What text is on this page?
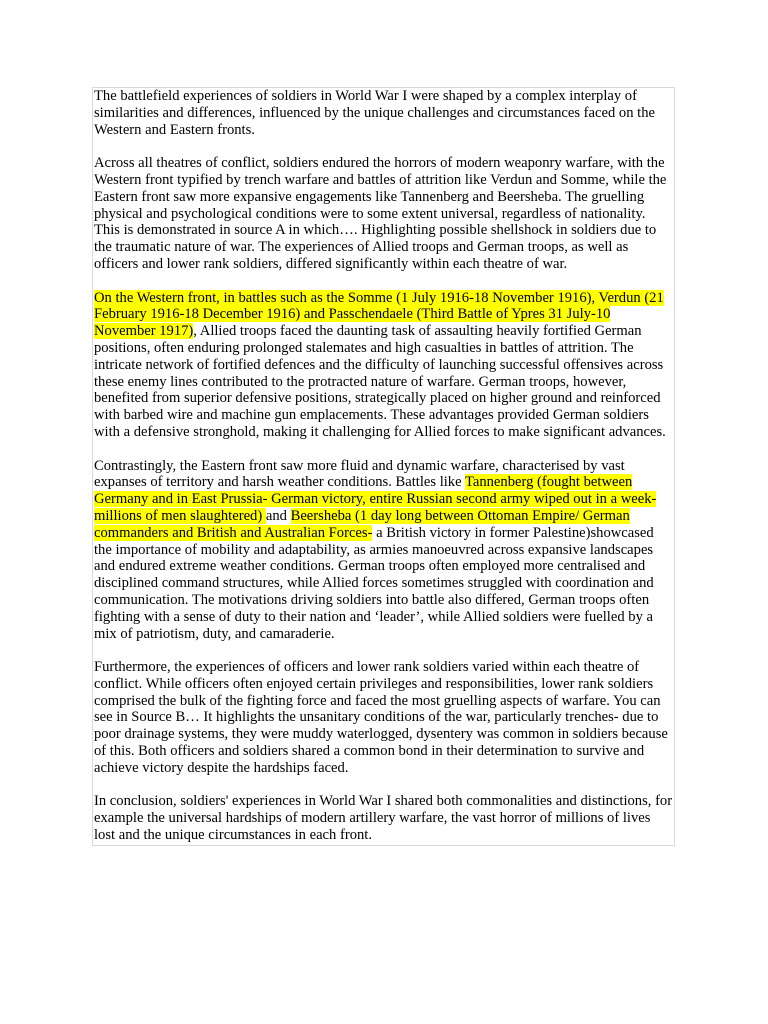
The battlefield experiences of soldiers in World War I were shaped by a complex interplay of similarities and differences, influenced by the unique challenges and circumstances faced on the Western and Eastern fronts.

Across all theatres of conflict, soldiers endured the horrors of modern weaponry warfare, with the Western front typified by trench warfare and battles of attrition like Verdun and Somme, while the Eastern front saw more expansive engagements like Tannenberg and Beersheba. The gruelling physical and psychological conditions were to some extent universal, regardless of nationality. This is demonstrated in source A in which…. Highlighting possible shellshock in soldiers due to the traumatic nature of war. The experiences of Allied troops and German troops, as well as officers and lower rank soldiers, differed significantly within each theatre of war.

On the Western front, in battles such as the Somme (1 July 1916-18 November 1916), Verdun (21 February 1916-18 December 1916) and Passchendaele (Third Battle of Ypres 31 July-10 November 1917), Allied troops faced the daunting task of assaulting heavily fortified German positions, often enduring prolonged stalemates and high casualties in battles of attrition. The intricate network of fortified defences and the difficulty of launching successful offensives across these enemy lines contributed to the protracted nature of warfare. German troops, however, benefited from superior defensive positions, strategically placed on higher ground and reinforced with barbed wire and machine gun emplacements. These advantages provided German soldiers with a defensive stronghold, making it challenging for Allied forces to make significant advances.

Contrastingly, the Eastern front saw more fluid and dynamic warfare, characterised by vast expanses of territory and harsh weather conditions. Battles like Tannenberg (fought between Germany and in East Prussia- German victory, entire Russian second army wiped out in a week- millions of men slaughtered) and Beersheba (1 day long between Ottoman Empire/ German commanders and British and Australian Forces- a British victory in former Palestine)showcased the importance of mobility and adaptability, as armies manoeuvred across expansive landscapes and endured extreme weather conditions. German troops often employed more centralised and disciplined command structures, while Allied forces sometimes struggled with coordination and communication. The motivations driving soldiers into battle also differed, German troops often fighting with a sense of duty to their nation and ‘leader’, while Allied soldiers were fuelled by a mix of patriotism, duty, and camaraderie.

Furthermore, the experiences of officers and lower rank soldiers varied within each theatre of conflict. While officers often enjoyed certain privileges and responsibilities, lower rank soldiers comprised the bulk of the fighting force and faced the most gruelling aspects of warfare. You can see in Source B… It highlights the unsanitary conditions of the war, particularly trenches- due to poor drainage systems, they were muddy waterlogged, dysentery was common in soldiers because of this. Both officers and soldiers shared a common bond in their determination to survive and achieve victory despite the hardships faced.

In conclusion, soldiers' experiences in World War I shared both commonalities and distinctions, for example the universal hardships of modern artillery warfare, the vast horror of millions of lives lost and the unique circumstances in each front.
